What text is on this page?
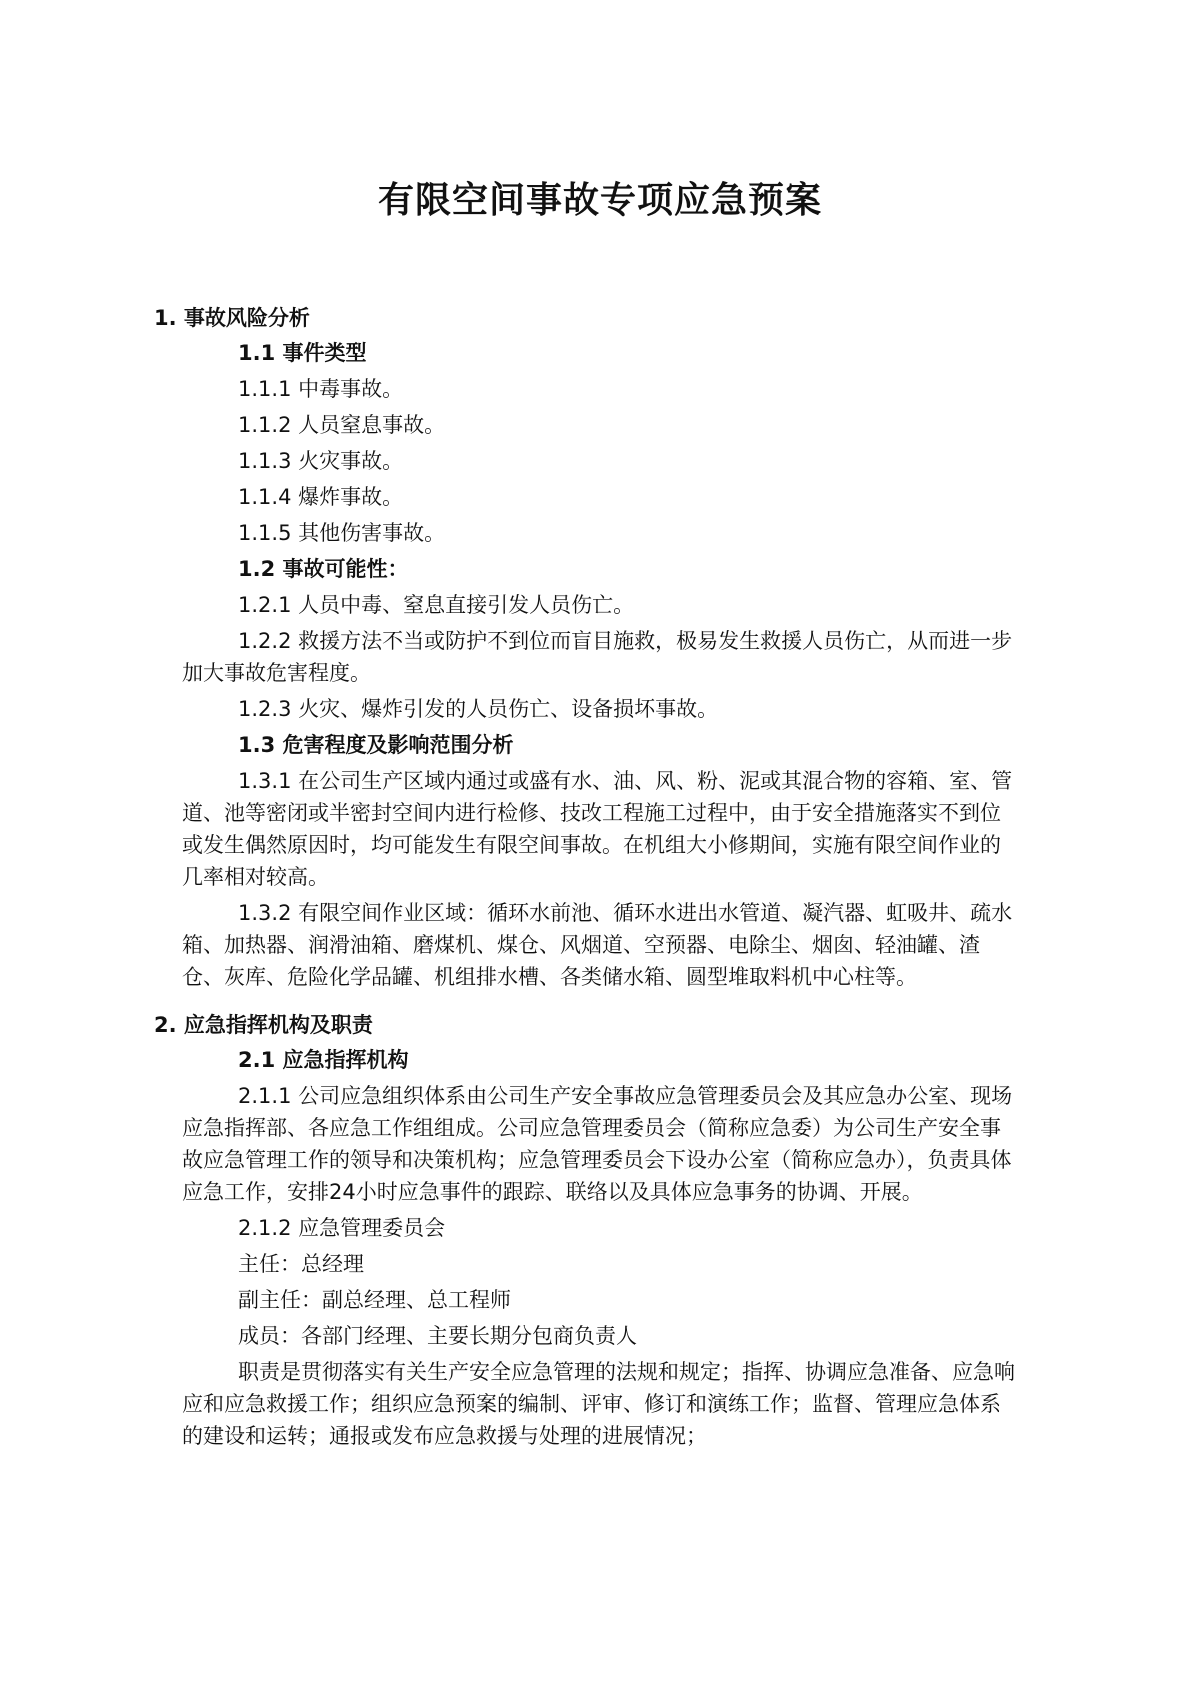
有限空间事故专项应急预案
1. 事故风险分析
1.1 事件类型
1.1.1 中毒事故。
1.1.2 人员窒息事故。
1.1.3 火灾事故。
1.1.4 爆炸事故。
1.1.5 其他伤害事故。
1.2 事故可能性：
1.2.1 人员中毒、窒息直接引发人员伤亡。
1.2.2 救援方法不当或防护不到位而盲目施救，极易发生救援人员伤亡，从而进一步加大事故危害程度。
1.2.3 火灾、爆炸引发的人员伤亡、设备损坏事故。
1.3 危害程度及影响范围分析
1.3.1 在公司生产区域内通过或盛有水、油、风、粉、泥或其混合物的容箱、室、管道、池等密闭或半密封空间内进行检修、技改工程施工过程中，由于安全措施落实不到位或发生偶然原因时，均可能发生有限空间事故。在机组大小修期间，实施有限空间作业的几率相对较高。
1.3.2 有限空间作业区域：循环水前池、循环水进出水管道、凝汽器、虹吸井、疏水箱、加热器、润滑油箱、磨煤机、煤仓、风烟道、空预器、电除尘、烟囱、轻油罐、渣仓、灰库、危险化学品罐、机组排水槽、各类储水箱、圆型堆取料机中心柱等。
2. 应急指挥机构及职责
2.1 应急指挥机构
2.1.1 公司应急组织体系由公司生产安全事故应急管理委员会及其应急办公室、现场应急指挥部、各应急工作组组成。公司应急管理委员会（简称应急委）为公司生产安全事故应急管理工作的领导和决策机构；应急管理委员会下设办公室（简称应急办），负责具体应急工作，安排24小时应急事件的跟踪、联络以及具体应急事务的协调、开展。
2.1.2 应急管理委员会
主任：总经理
副主任：副总经理、总工程师
成员：各部门经理、主要长期分包商负责人
职责是贯彻落实有关生产安全应急管理的法规和规定；指挥、协调应急准备、应急响应和应急救援工作；组织应急预案的编制、评审、修订和演练工作；监督、管理应急体系的建设和运转；通报或发布应急救援与处理的进展情况；
